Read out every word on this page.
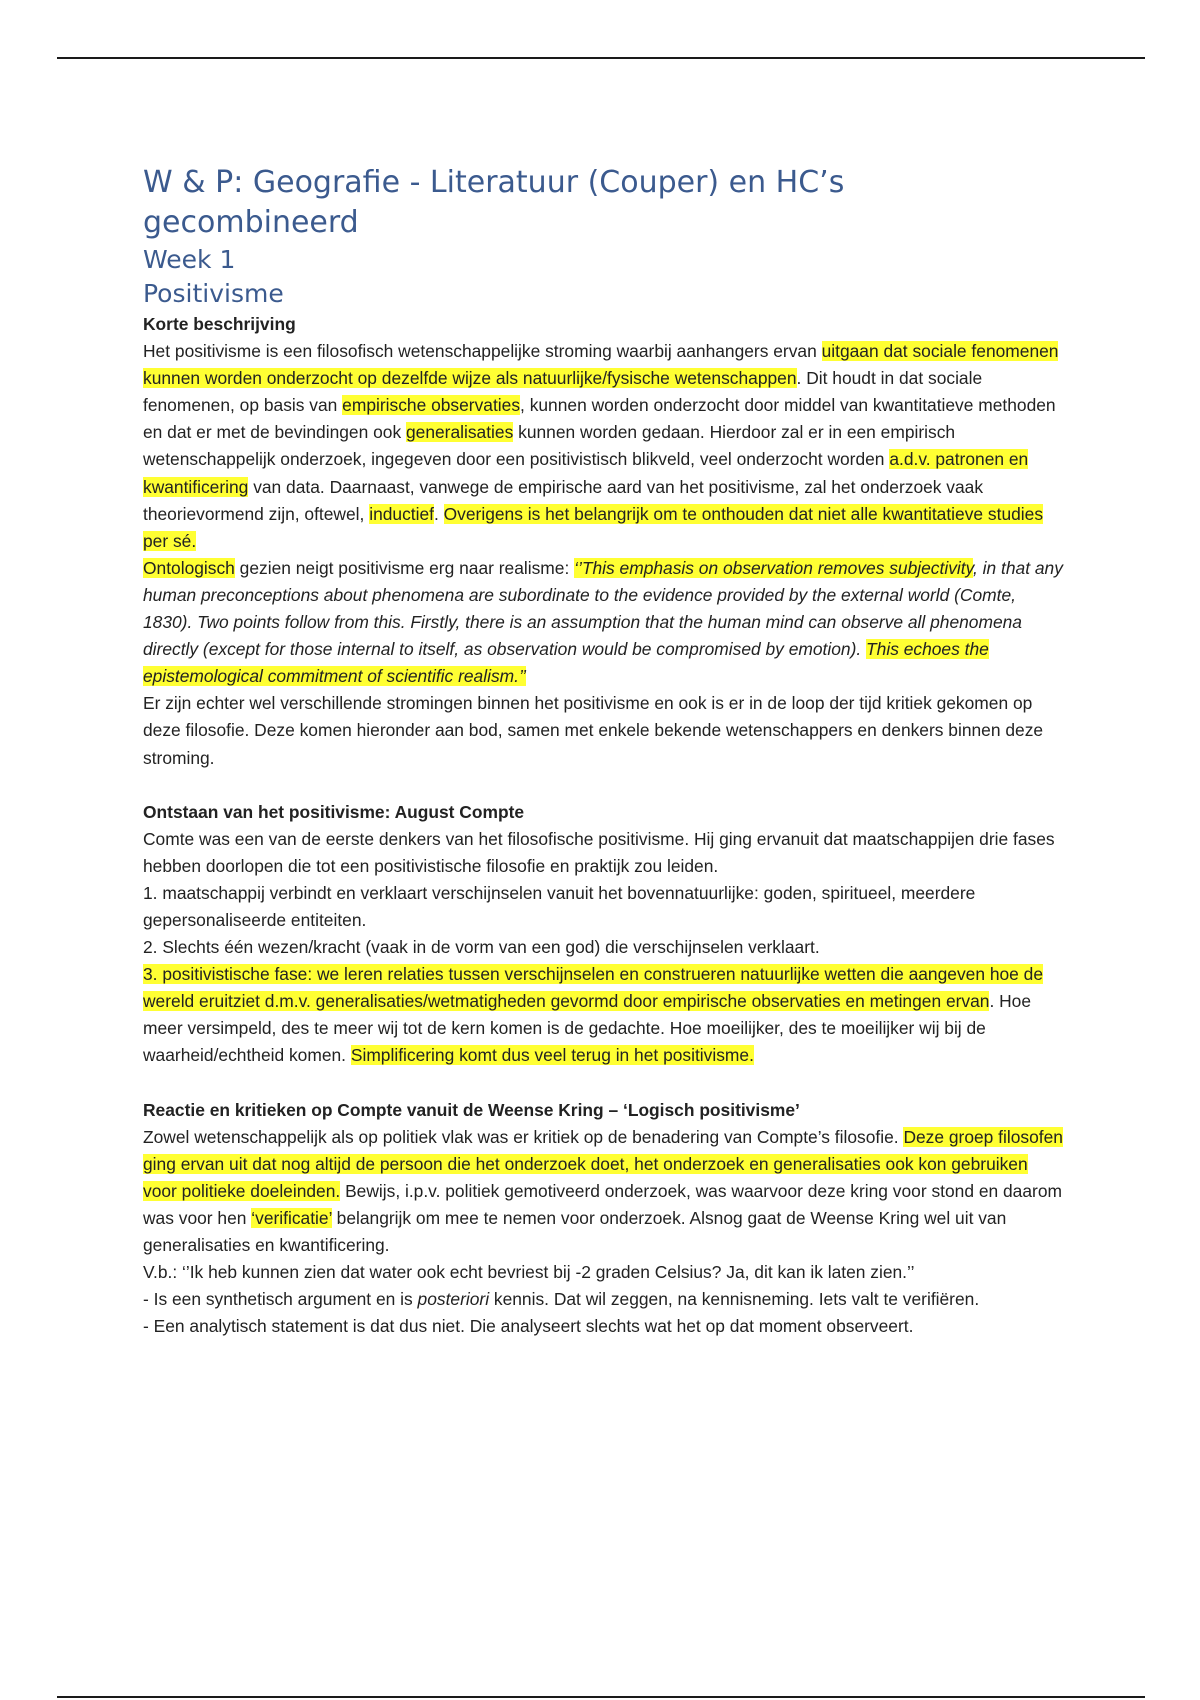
W & P: Geografie - Literatuur (Couper) en HC’s gecombineerd
Week 1
Positivisme

Korte beschrijving

Het positivisme is een filosofisch wetenschappelijke stroming waarbij aanhangers ervan uitgaan dat sociale fenomenen kunnen worden onderzocht op dezelfde wijze als natuurlijke/fysische wetenschappen. Dit houdt in dat sociale fenomenen, op basis van empirische observaties, kunnen worden onderzocht door middel van kwantitatieve methoden en dat er met de bevindingen ook generalisaties kunnen worden gedaan. Hierdoor zal er in een empirisch wetenschappelijk onderzoek, ingegeven door een positivistisch blikveld, veel onderzocht worden a.d.v. patronen en kwantificering van data. Daarnaast, vanwege de empirische aard van het positivisme, zal het onderzoek vaak theorievormend zijn, oftewel, inductief. Overigens is het belangrijk om te onthouden dat niet alle kwantitatieve studies per sé.

Ontologisch gezien neigt positivisme erg naar realisme: ‘’This emphasis on observation removes subjectivity, in that any human preconceptions about phenomena are subordinate to the evidence provided by the external world (Comte, 1830). Two points follow from this. Firstly, there is an assumption that the human mind can observe all phenomena directly (except for those internal to itself, as observation would be compromised by emotion). This echoes the epistemological commitment of scientific realism.’’

Er zijn echter wel verschillende stromingen binnen het positivisme en ook is er in de loop der tijd kritiek gekomen op deze filosofie. Deze komen hieronder aan bod, samen met enkele bekende wetenschappers en denkers binnen deze stroming.

Ontstaan van het positivisme: August Compte

Comte was een van de eerste denkers van het filosofische positivisme. Hij ging ervanuit dat maatschappijen drie fases hebben doorlopen die tot een positivistische filosofie en praktijk zou leiden.

1. maatschappij verbindt en verklaart verschijnselen vanuit het bovennatuurlijke: goden, spiritueel, meerdere gepersonaliseerde entiteiten.

2. Slechts één wezen/kracht (vaak in de vorm van een god) die verschijnselen verklaart.

3. positivistische fase: we leren relaties tussen verschijnselen en construeren natuurlijke wetten die aangeven hoe de wereld eruitziet d.m.v. generalisaties/wetmatigheden gevormd door empirische observaties en metingen ervan. Hoe meer versimpeld, des te meer wij tot de kern komen is de gedachte. Hoe moeilijker, des te moeilijker wij bij de waarheid/echtheid komen. Simplificering komt dus veel terug in het positivisme.

Reactie en kritieken op Compte vanuit de Weense Kring – ‘Logisch positivisme’

Zowel wetenschappelijk als op politiek vlak was er kritiek op de benadering van Compte’s filosofie. Deze groep filosofen ging ervan uit dat nog altijd de persoon die het onderzoek doet, het onderzoek en generalisaties ook kon gebruiken voor politieke doeleinden. Bewijs, i.p.v. politiek gemotiveerd onderzoek, was waarvoor deze kring voor stond en daarom was voor hen ‘verificatie’ belangrijk om mee te nemen voor onderzoek. Alsnog gaat de Weense Kring wel uit van generalisaties en kwantificering.

V.b.: ‘’Ik heb kunnen zien dat water ook echt bevriest bij -2 graden Celsius? Ja, dit kan ik laten zien.’’

- Is een synthetisch argument en is posteriori kennis. Dat wil zeggen, na kennisneming. Iets valt te verifiëren.

- Een analytisch statement is dat dus niet. Die analyseert slechts wat het op dat moment observeert.
